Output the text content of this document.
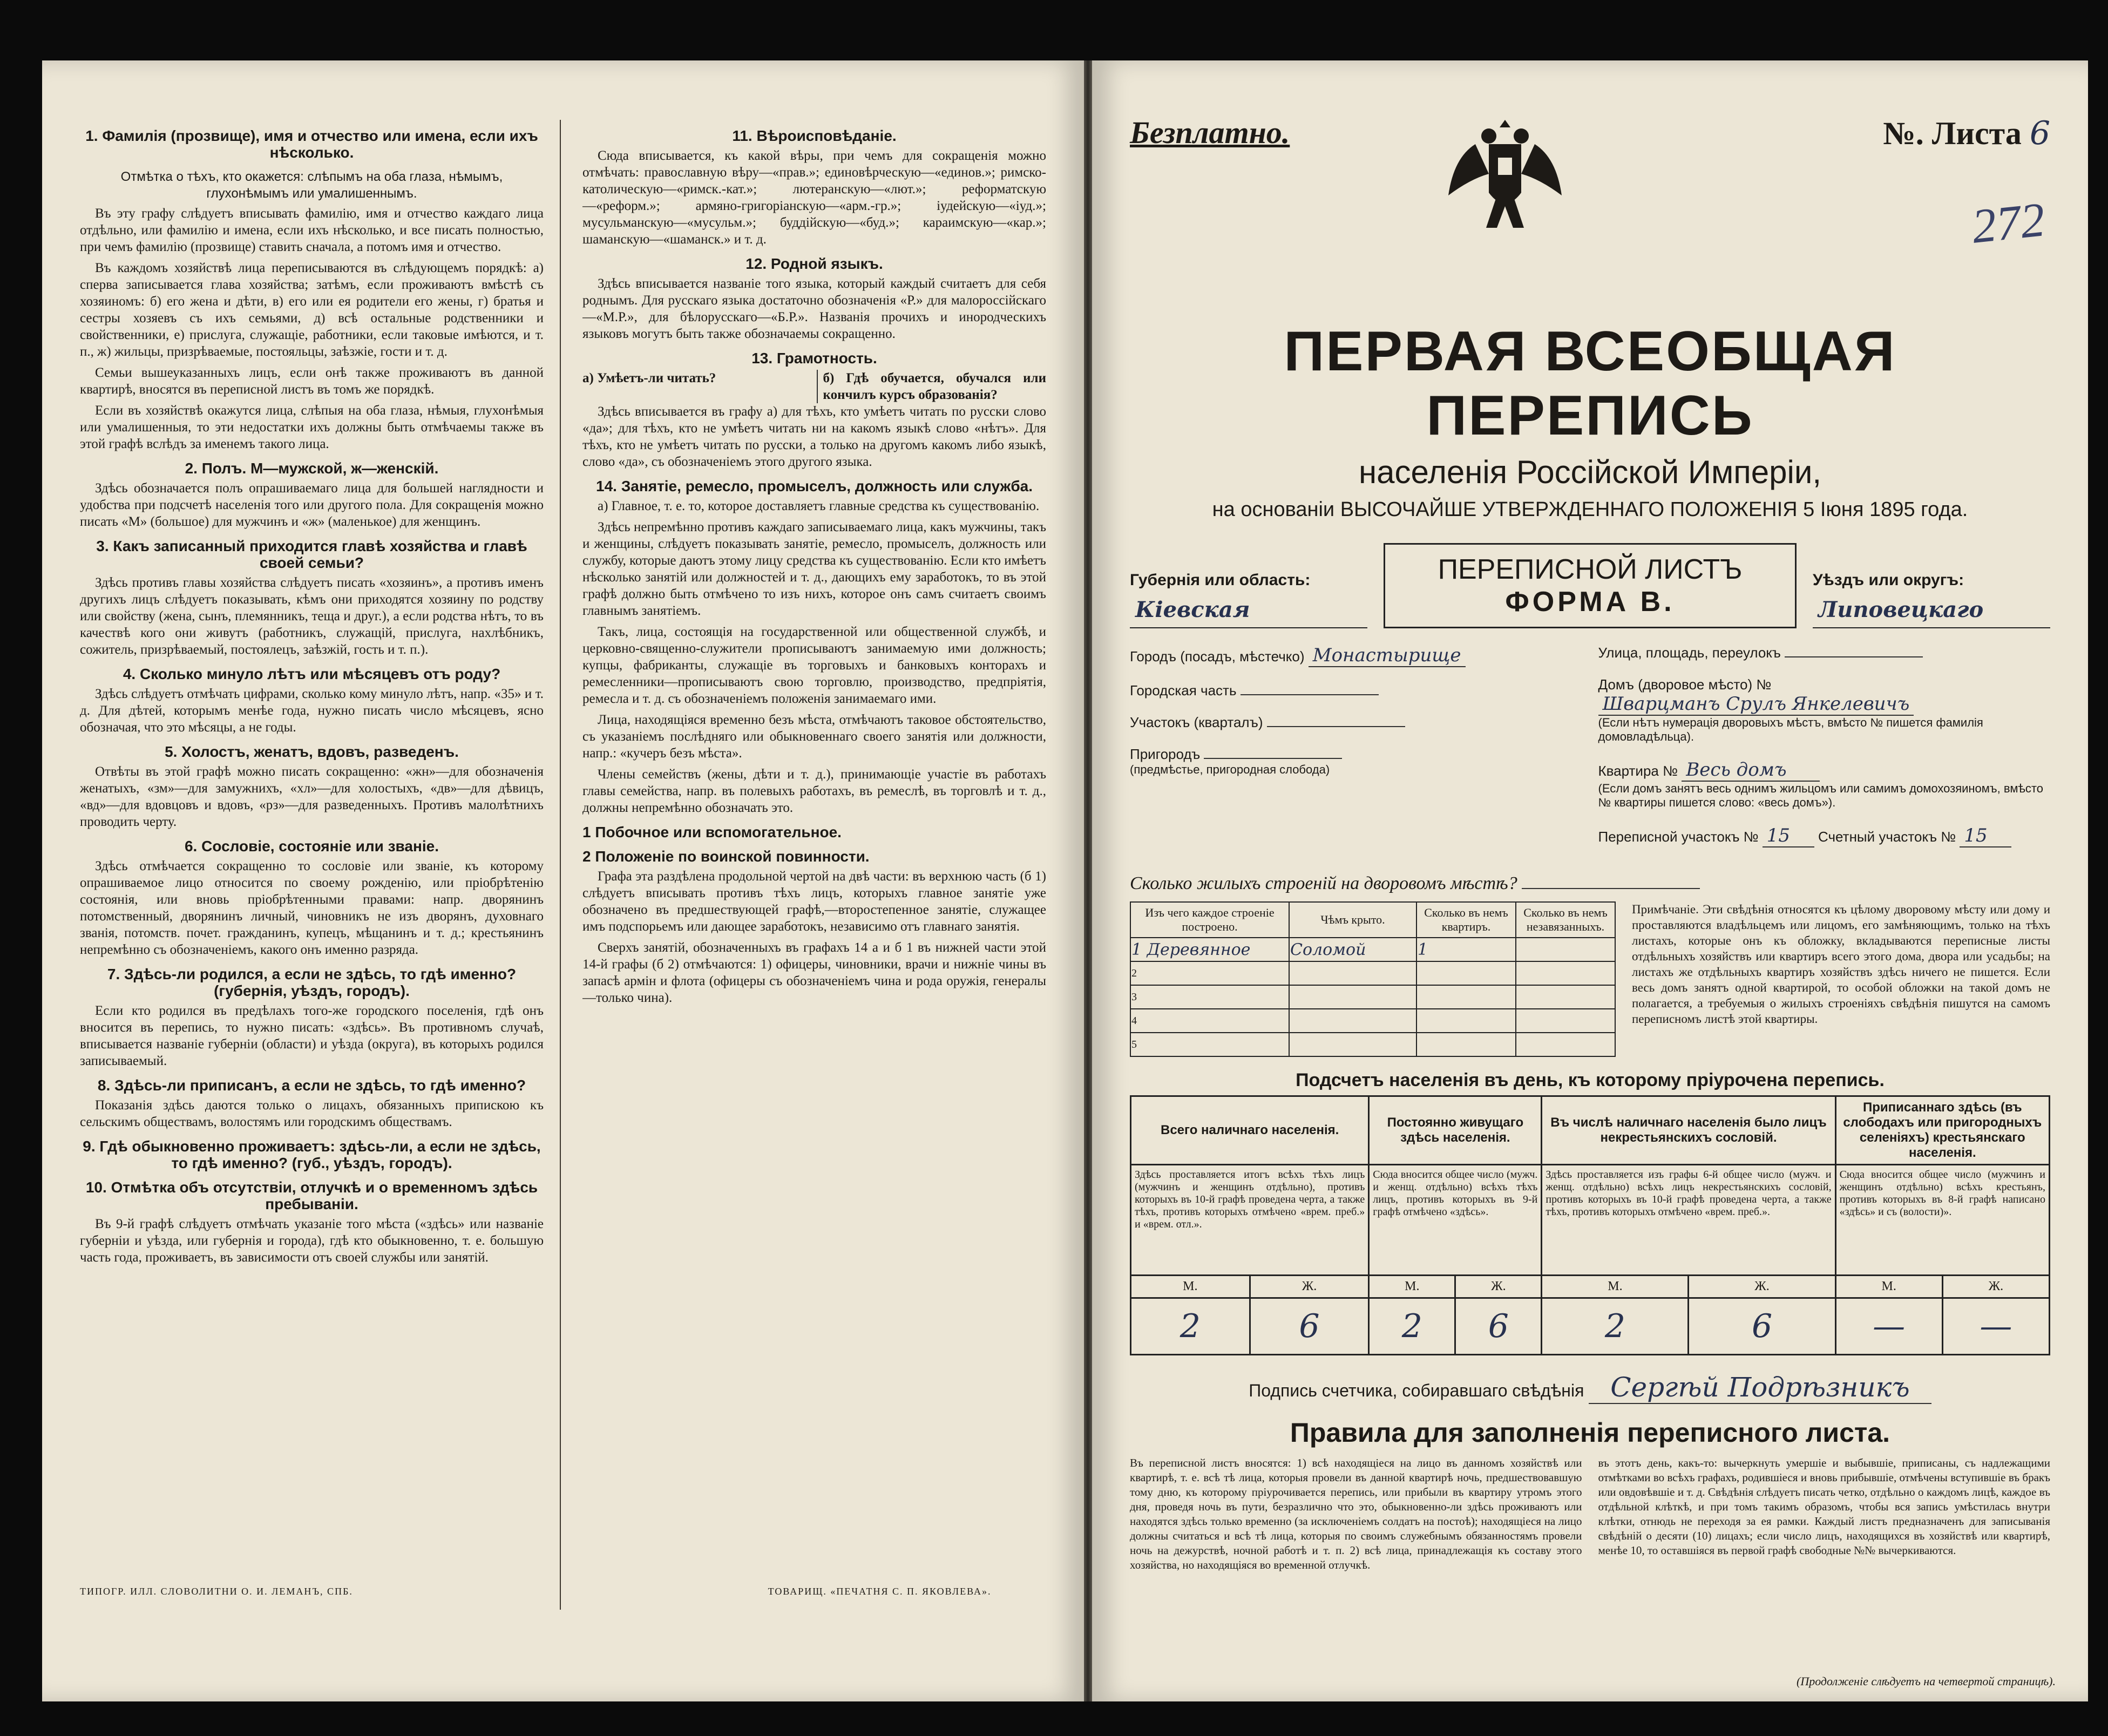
1. Фамилія (прозвище), имя и отчество или имена, если ихъ нѣсколько.
Отмѣтка о тѣхъ, кто окажется: слѣпымъ на оба глаза, нѣмымъ, глухонѣмымъ или умалишеннымъ.

Въ эту графу слѣдуетъ вписывать фамилію, имя и отчество каждаго лица отдѣльно, или фамилію и имена, если ихъ нѣсколько, и все писать полностью, при чемъ фамилію (прозвище) ставить сначала, а потомъ имя и отчество.

Въ каждомъ хозяйствѣ лица переписываются въ слѣдующемъ порядкѣ: а) сперва записывается глава хозяйства; затѣмъ, если проживаютъ вмѣстѣ съ хозяиномъ: б) его жена и дѣти, в) его или ея родители его жены, г) братья и сестры хозяевъ съ ихъ семьями, д) всѣ остальные родственники и свойственники, е) прислуга, служащіе, работники, если таковые имѣются, и т. п., ж) жильцы, призрѣваемые, постояльцы, заѣзжіе, гости и т. д.

Семьи вышеуказанныхъ лицъ, если онѣ также проживаютъ въ данной квартирѣ, вносятся въ переписной листъ въ томъ же порядкѣ.

Если въ хозяйствѣ окажутся лица, слѣпыя на оба глаза, нѣмыя, глухонѣмыя или умалишенныя, то эти недостатки ихъ должны быть отмѣчаемы также въ этой графѣ вслѣдъ за именемъ такого лица.

2. Полъ. М—мужской, ж—женскій.

Здѣсь обозначается полъ опрашиваемаго лица для большей наглядности и удобства при подсчетѣ населенія того или другого пола. Для сокращенія можно писать «М» (большое) для мужчинъ и «ж» (маленькое) для женщинъ.

3. Какъ записанный приходится главѣ хозяйства и главѣ своей семьи?

Здѣсь противъ главы хозяйства слѣдуетъ писать «хозяинъ», а противъ именъ другихъ лицъ слѣдуетъ показывать, кѣмъ они приходятся хозяину по родству или свойству (жена, сынъ, племянникъ, теща и друг.), а если родства нѣтъ, то въ качествѣ кого они живутъ (работникъ, служащій, прислуга, нахлѣбникъ, сожитель, призрѣваемый, постоялецъ, заѣзжій, гость и т. п.).

4. Сколько минуло лѣтъ или мѣсяцевъ отъ роду?

Здѣсь слѣдуетъ отмѣчать цифрами, сколько кому минуло лѣтъ, напр. «35» и т. д. Для дѣтей, которымъ менѣе года, нужно писать число мѣсяцевъ, ясно обозначая, что это мѣсяцы, а не годы.

5. Холостъ, женатъ, вдовъ, разведенъ.

Отвѣты въ этой графѣ можно писать сокращенно: «жн»—для обозначенія женатыхъ, «зм»—для замужнихъ, «хл»—для холостыхъ, «дв»—для дѣвицъ, «вд»—для вдовцовъ и вдовъ, «рз»—для разведенныхъ. Противъ малолѣтнихъ проводить черту.

6. Сословіе, состояніе или званіе.

Здѣсь отмѣчается сокращенно то сословіе или званіе, къ которому опрашиваемое лицо относится по своему рожденію, или пріобрѣтенію состоянія, или вновь пріобрѣтенными правами: напр. дворянинъ потомственный, дворянинъ личный, чиновникъ не изъ дворянъ, духовнаго званія, потомств. почет. гражданинъ, купецъ, мѣщанинъ и т. д.; крестьянинъ непремѣнно съ обозначеніемъ, какого онъ именно разряда.

7. Здѣсь-ли родился, а если не здѣсь, то гдѣ именно? (губернія, уѣздъ, городъ).

Если кто родился въ предѣлахъ того-же городского поселенія, гдѣ онъ вносится въ перепись, то нужно писать: «здѣсь». Въ противномъ случаѣ, вписывается названіе губерніи (области) и уѣзда (округа), въ которыхъ родился записываемый.

8. Здѣсь-ли приписанъ, а если не здѣсь, то гдѣ именно?

Показанія здѣсь даются только о лицахъ, обязанныхъ припискою къ сельскимъ обществамъ, волостямъ или городскимъ обществамъ.

9. Гдѣ обыкновенно проживаетъ: здѣсь-ли, а если не здѣсь, то гдѣ именно? (губ., уѣздъ, городъ).
10. Отмѣтка объ отсутствіи, отлучкѣ и о временномъ здѣсь пребываніи.

Въ 9-й графѣ слѣдуетъ отмѣчать указаніе того мѣста («здѣсь» или названіе губерніи и уѣзда, или губернія и города), гдѣ кто обыкновенно, т. е. большую часть года, проживаетъ, въ зависимости отъ своей службы или занятій.

ТИПОГР. ИЛЛ. СЛОВОЛИТНИ О. И. ЛЕМАНЪ, СПБ.
11. Вѣроисповѣданіе.

Сюда вписывается, къ какой вѣры, при чемъ для сокращенія можно отмѣчать: православную вѣру—«прав.»; единовѣрческую—«единов.»; римско-католическую—«римск.-кат.»; лютеранскую—«лют.»; реформатскую—«реформ.»; армяно-григоріанскую—«арм.-гр.»; іудейскую—«іуд.»; мусульманскую—«мусульм.»; буддійскую—«буд.»; караимскую—«кар.»; шаманскую—«шаманск.» и т. д.

12. Родной языкъ.

Здѣсь вписывается названіе того языка, который каждый считаетъ для себя роднымъ. Для русскаго языка достаточно обозначенія «Р.» для малороссійскаго—«М.Р.», для бѣлорусскаго—«Б.Р.». Названія прочихъ и инородческихъ языковъ могутъ быть также обозначаемы сокращенно.

13. Грамотность.
а) Умѣетъ-ли читать?	б) Гдѣ обучается, обучался или кончилъ курсъ образованія?

Здѣсь вписывается въ графу а) для тѣхъ, кто умѣетъ читать по русски слово «да»; для тѣхъ, кто не умѣетъ читать ни на какомъ языкѣ слово «нѣтъ». Для тѣхъ, кто не умѣетъ читать по русски, а только на другомъ какомъ либо языкѣ, слово «да», съ обозначеніемъ этого другого языка.

14. Занятіе, ремесло, промыселъ, должность или служба.

а) Главное, т. е. то, которое доставляетъ главные средства къ существованію.

Здѣсь непремѣнно противъ каждаго записываемаго лица, какъ мужчины, такъ и женщины, слѣдуетъ показывать занятіе, ремесло, промыселъ, должность или службу, которые даютъ этому лицу средства къ существованію. Если кто имѣетъ нѣсколько занятій или должностей и т. д., дающихъ ему заработокъ, то въ этой графѣ должно быть отмѣчено то изъ нихъ, которое онъ самъ считаетъ своимъ главнымъ занятіемъ.

Такъ, лица, состоящія на государственной или общественной службѣ, и церковно-священно-служители прописываютъ занимаемую ими должность; купцы, фабриканты, служащіе въ торговыхъ и банковыхъ конторахъ и ремесленники—прописываютъ свою торговлю, производство, предпріятія, ремесла и т. д. съ обозначеніемъ положенія занимаемаго ими.

Лица, находящіяся временно безъ мѣста, отмѣчаютъ таковое обстоятельство, съ указаніемъ послѣдняго или обыкновеннаго своего занятія или должности, напр.: «кучеръ безъ мѣста».

Члены семействъ (жены, дѣти и т. д.), принимающіе участіе въ работахъ главы семейства, напр. въ полевыхъ работахъ, въ ремеслѣ, въ торговлѣ и т. д., должны непремѣнно обозначать это.

1 Побочное или вспомогательное.
2 Положеніе по воинской повинности.

Графа эта раздѣлена продольной чертой на двѣ части: въ верхнюю часть (б 1) слѣдуетъ вписывать противъ тѣхъ лицъ, которыхъ главное занятіе уже обозначено въ предшествующей графѣ,—второстепенное занятіе, служащее имъ подспорьемъ или дающее заработокъ, независимо отъ главнаго занятія.

Сверхъ занятій, обозначенныхъ въ графахъ 14 а и б 1 въ нижней части этой 14-й графы (б 2) отмѣчаются: 1) офицеры, чиновники, врачи и нижніе чины въ запасѣ армін и флота (офицеры съ обозначеніемъ чина и рода оружія, генералы—только чина).

ТОВАРИЩ. «ПЕЧАТНЯ С. П. ЯКОВЛЕВА».
Безплатно.	№. Листа 6
272
ПЕРВАЯ ВСЕОБЩАЯ ПЕРЕПИСЬ
населенія Россійской Имперіи,
на основаніи ВЫСОЧАЙШЕ УТВЕРЖДЕННАГО ПОЛОЖЕНІЯ 5 Іюня 1895 года.
Губернія или область:
Кіевская
ПЕРЕПИСНОЙ ЛИСТЪ
ФОРМА В.
Уѣздъ или округъ:
Липовецкаго
Городъ (посадъ, мѣстечко) Монастырище
Городская часть
Участокъ (кварталъ)
Пригородъ
(предмѣстье, пригородная слобода)
Улица, площадь, переулокъ
Домъ (дворовое мѣсто) № Шварцманъ Срулъ Янкелевичъ
(Если нѣтъ нумерація дворовыхъ мѣстъ, вмѣсто № пишется фамилія домовладѣльца).
Квартира № Весь домъ
(Если домъ занятъ весь однимъ жильцомъ или самимъ домохозяиномъ, вмѣсто № квартиры пишется слово: «весь домъ»).
Переписной участокъ № 15 Счетный участокъ № 15
Сколько жилыхъ строеній на дворовомъ мѣстѣ?
Изъ чего каждое строеніе построено.	Чѣмъ крыто.	Сколько въ немъ квартиръ.	Сколько въ немъ незавязанныхъ.
1 Деревянное	Соломой	1	
2			
3			
4			
5			
Примѣчаніе. Эти свѣдѣнія относятся къ цѣлому дворовому мѣсту или дому и проставляются владѣльцемъ или лицомъ, его замѣняющимъ, только на тѣхъ листахъ, которые онъ къ обложку, вкладываются переписные листы отдѣльныхъ хозяйствъ или квартиръ всего этого дома, двора или усадьбы; на листахъ же отдѣльныхъ квартиръ хозяйствъ здѣсь ничего не пишется. Если весь домъ занятъ одной квартирой, то особой обложки на такой домъ не полагается, а требуемыя о жилыхъ строеніяхъ свѣдѣнія пишутся на самомъ переписномъ листѣ этой квартиры.
Подсчетъ населенія въ день, къ которому пріурочена перепись.
Всего наличнаго населенія.		Постоянно живущаго здѣсь населенія.		Въ числѣ наличнаго населенія было лицъ некрестьянскихъ сословій.		Приписаннаго здѣсь (въ слободахъ или пригородныхъ селеніяхъ) крестьянскаго населенія.	
Здѣсь проставляется итогъ всѣхъ тѣхъ лицъ (мужчинъ и женщинъ отдѣльно), противъ которыхъ въ 10-й графѣ проведена черта, а также тѣхъ, противъ которыхъ отмѣчено «врем. преб.» и «врем. отл.».		Сюда вносится общее число (мужч. и женщ. отдѣльно) всѣхъ тѣхъ лицъ, противъ которыхъ въ 9-й графѣ отмѣчено «здѣсь».		Здѣсь проставляется изъ графы 6-й общее число (мужч. и женщ. отдѣльно) всѣхъ лицъ некрестьянскихъ сословій, противъ которыхъ въ 10-й графѣ проведена черта, а также тѣхъ, противъ которыхъ отмѣчено «врем. преб.».		Сюда вносится общее число (мужчинъ и женщинъ отдѣльно) всѣхъ крестьянъ, противъ которыхъ въ 8-й графѣ написано «здѣсь» и съ (волости)».	
М.	Ж.	М.	Ж.	М.	Ж.	М.	Ж.
2	6	2	6	2	6	—	—
Подпись счетчика, собиравшаго свѣдѣнія Сергѣй Подрѣзникъ
Правила для заполненія переписного листа.
Въ переписной листъ вносятся: 1) всѣ находящіеся на лицо въ данномъ хозяйствѣ или квартирѣ, т. е. всѣ тѣ лица, которыя провели въ данной квартирѣ ночь, предшествовавшую тому дню, къ которому пріурочивается перепись, или прибыли въ квартиру утромъ этого дня, проведя ночь въ пути, безразлично что это, обыкновенно-ли здѣсь проживаютъ или находятся здѣсь только временно (за исключеніемъ солдатъ на постоѣ); находящіеся на лицо должны считаться и всѣ тѣ лица, которыя по своимъ служебнымъ обязанностямъ провели ночь на дежурствѣ, ночной работѣ и т. п. 2) всѣ лица, принадлежащія къ составу этого хозяйства, но находящіяся во временной отлучкѣ.
въ этотъ день, какъ-то: вычеркнуть умершіе и выбывшіе, приписаны, съ надлежащими отмѣтками во всѣхъ графахъ, родившіеся и вновь прибывшіе, отмѣчены вступившіе въ бракъ или овдовѣвшіе и т. д. Свѣдѣнія слѣдуетъ писать четко, отдѣльно о каждомъ лицѣ, каждое въ отдѣльной клѣткѣ, и при томъ такимъ образомъ, чтобы вся запись умѣстилась внутри клѣтки, отнюдь не переходя за ея рамки. Каждый листъ предназначенъ для записыванія свѣдѣній о десяти (10) лицахъ; если число лицъ, находящихся въ хозяйствѣ или квартирѣ, менѣе 10, то оставшіяся въ первой графѣ свободные №№ вычеркиваются.
(Продолженіе слѣдуетъ на четвертой страницѣ).
